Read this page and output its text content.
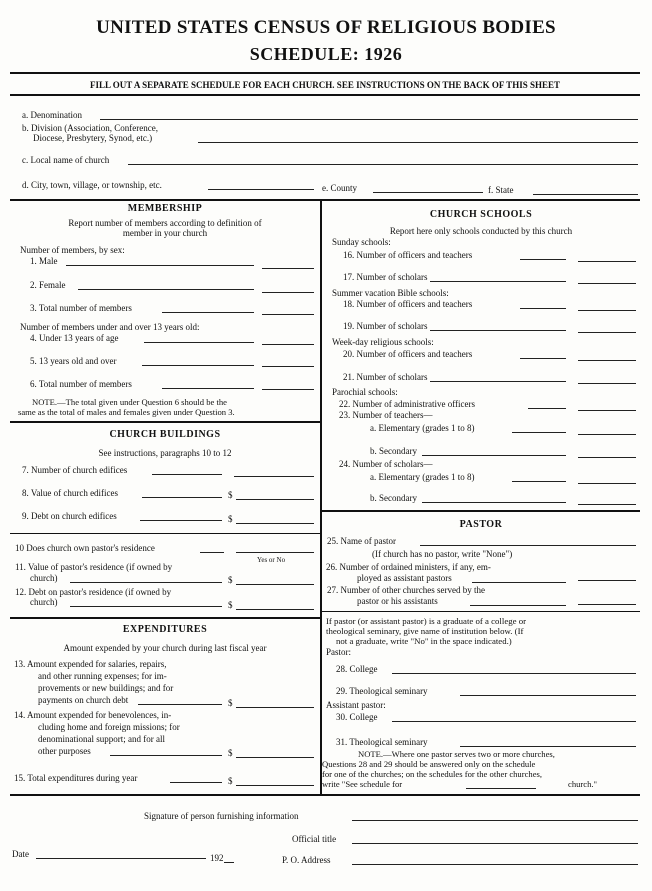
UNITED STATES CENSUS OF RELIGIOUS BODIES
SCHEDULE: 1926
FILL OUT A SEPARATE SCHEDULE FOR EACH CHURCH. SEE INSTRUCTIONS ON THE BACK OF THIS SHEET
a. Denomination
b. Division (Association, Conference,
Diocese, Presbytery, Synod, etc.)
c. Local name of church
d. City, town, village, or township, etc.	e. County	f. State
MEMBERSHIP
Report number of members according to definition of
member in your church
Number of members, by sex:
1. Male
2. Female
3. Total number of members
Number of members under and over 13 years old:
4. Under 13 years of age
5. 13 years old and over
6. Total number of members
NOTE.—The total given under Question 6 should be the
same as the total of males and females given under Question 3.
CHURCH BUILDINGS
See instructions, paragraphs 10 to 12
7. Number of church edifices
8. Value of church edifices	$
9. Debt on church edifices	$
10 Does church own pastor's residence
Yes or No
11. Value of pastor's residence (if owned by
church)	$
12. Debt on pastor's residence (if owned by
church)	$
EXPENDITURES
Amount expended by your church during last fiscal year
13. Amount expended for salaries, repairs,
and other running expenses; for im-
provements or new buildings; and for
payments on church debt	$
14. Amount expended for benevolences, in-
cluding home and foreign missions; for
denominational support; and for all
other purposes	$
15. Total expenditures during year	$
CHURCH SCHOOLS
Report here only schools conducted by this church
Sunday schools:
16. Number of officers and teachers
17. Number of scholars
Summer vacation Bible schools:
18. Number of officers and teachers
19. Number of scholars
Week-day religious schools:
20. Number of officers and teachers
21. Number of scholars
Parochial schools:
22. Number of administrative officers
23. Number of teachers—
a. Elementary (grades 1 to 8)
b. Secondary
24. Number of scholars—
a. Elementary (grades 1 to 8)
b. Secondary
PASTOR
25. Name of pastor
(If church has no pastor, write "None")
26. Number of ordained ministers, if any, em-
ployed as assistant pastors
27. Number of other churches served by the
pastor or his assistants
If pastor (or assistant pastor) is a graduate of a college or
theological seminary, give name of institution below. (If
not a graduate, write "No" in the space indicated.)
Pastor:
28. College
29. Theological seminary
Assistant pastor:
30. College
31. Theological seminary
NOTE.—Where one pastor serves two or more churches,
Questions 28 and 29 should be answered only on the schedule
for one of the churches; on the schedules for the other churches,
write "See schedule for	church."
Signature of person furnishing information
Official title
Date	192	P. O. Address
